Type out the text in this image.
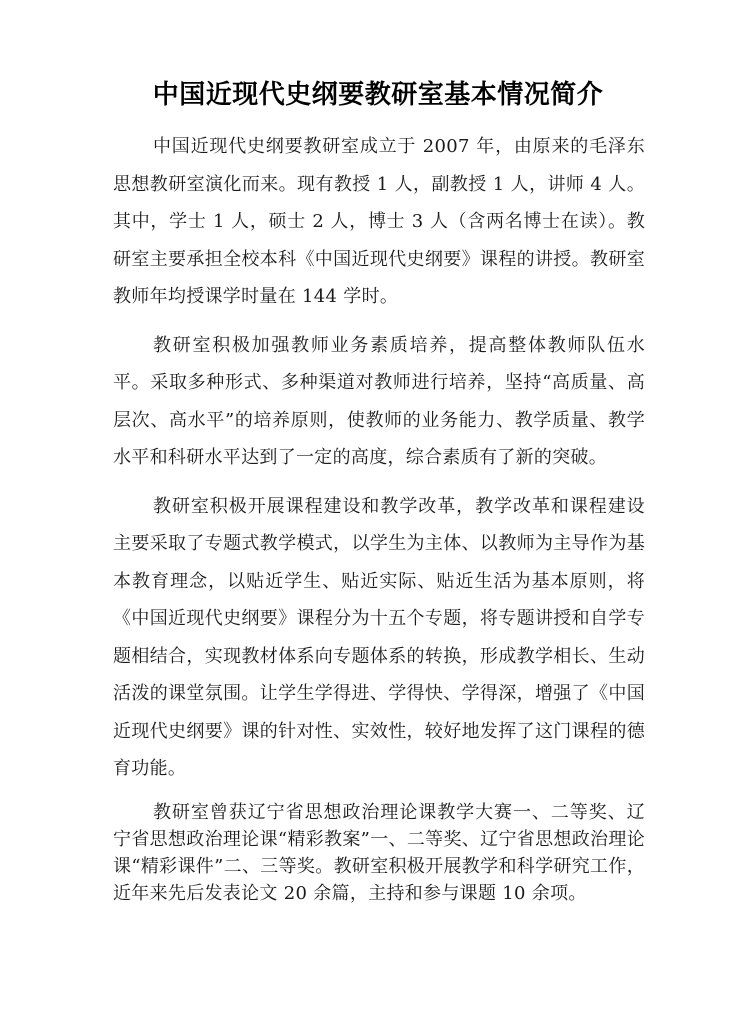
中国近现代史纲要教研室基本情况简介

中国近现代史纲要教研室成立于 2007 年，由原来的毛泽东思想教研室演化而来。现有教授 1 人，副教授 1 人，讲师 4 人。其中，学士 1 人，硕士 2 人，博士 3 人（含两名博士在读）。教研室主要承担全校本科《中国近现代史纲要》课程的讲授。教研室教师年均授课学时量在 144 学时。

教研室积极加强教师业务素质培养，提高整体教师队伍水平。采取多种形式、多种渠道对教师进行培养，坚持“高质量、高层次、高水平”的培养原则，使教师的业务能力、教学质量、教学水平和科研水平达到了一定的高度，综合素质有了新的突破。

教研室积极开展课程建设和教学改革，教学改革和课程建设主要采取了专题式教学模式，以学生为主体、以教师为主导作为基本教育理念，以贴近学生、贴近实际、贴近生活为基本原则，将《中国近现代史纲要》课程分为十五个专题，将专题讲授和自学专题相结合，实现教材体系向专题体系的转换，形成教学相长、生动活泼的课堂氛围。让学生学得进、学得快、学得深，增强了《中国近现代史纲要》课的针对性、实效性，较好地发挥了这门课程的德育功能。

教研室曾获辽宁省思想政治理论课教学大赛一、二等奖、辽宁省思想政治理论课“精彩教案”一、二等奖、辽宁省思想政治理论课“精彩课件”二、三等奖。教研室积极开展教学和科学研究工作，近年来先后发表论文 20 余篇，主持和参与课题 10 余项。
